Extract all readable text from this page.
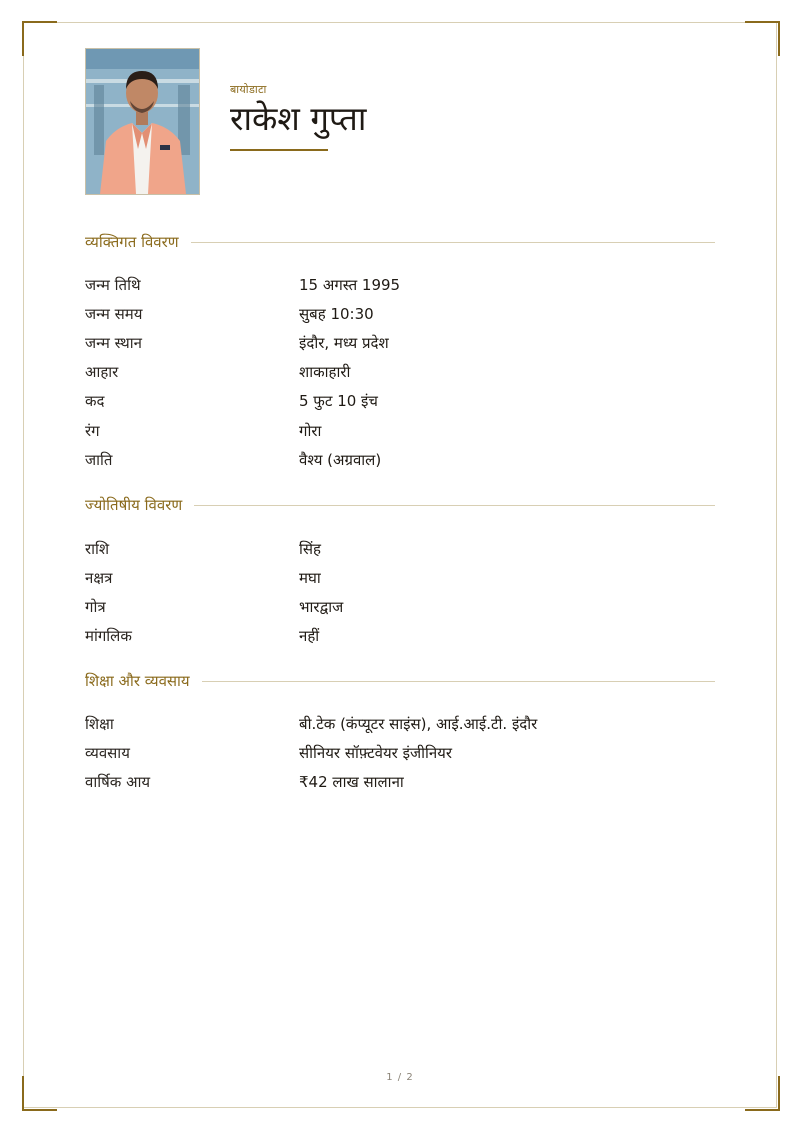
बायोडाटा
राकेश गुप्ता
व्यक्तिगत विवरण
जन्म तिथि	15 अगस्त 1995
जन्म समय	सुबह 10:30
जन्म स्थान	इंदौर, मध्य प्रदेश
आहार	शाकाहारी
कद	5 फुट 10 इंच
रंग	गोरा
जाति	वैश्य (अग्रवाल)
ज्योतिषीय विवरण
राशि	सिंह
नक्षत्र	मघा
गोत्र	भारद्वाज
मांगलिक	नहीं
शिक्षा और व्यवसाय
शिक्षा	बी.टेक (कंप्यूटर साइंस), आई.आई.टी. इंदौर
व्यवसाय	सीनियर सॉफ़्टवेयर इंजीनियर
वार्षिक आय	₹42 लाख सालाना
1 / 2
